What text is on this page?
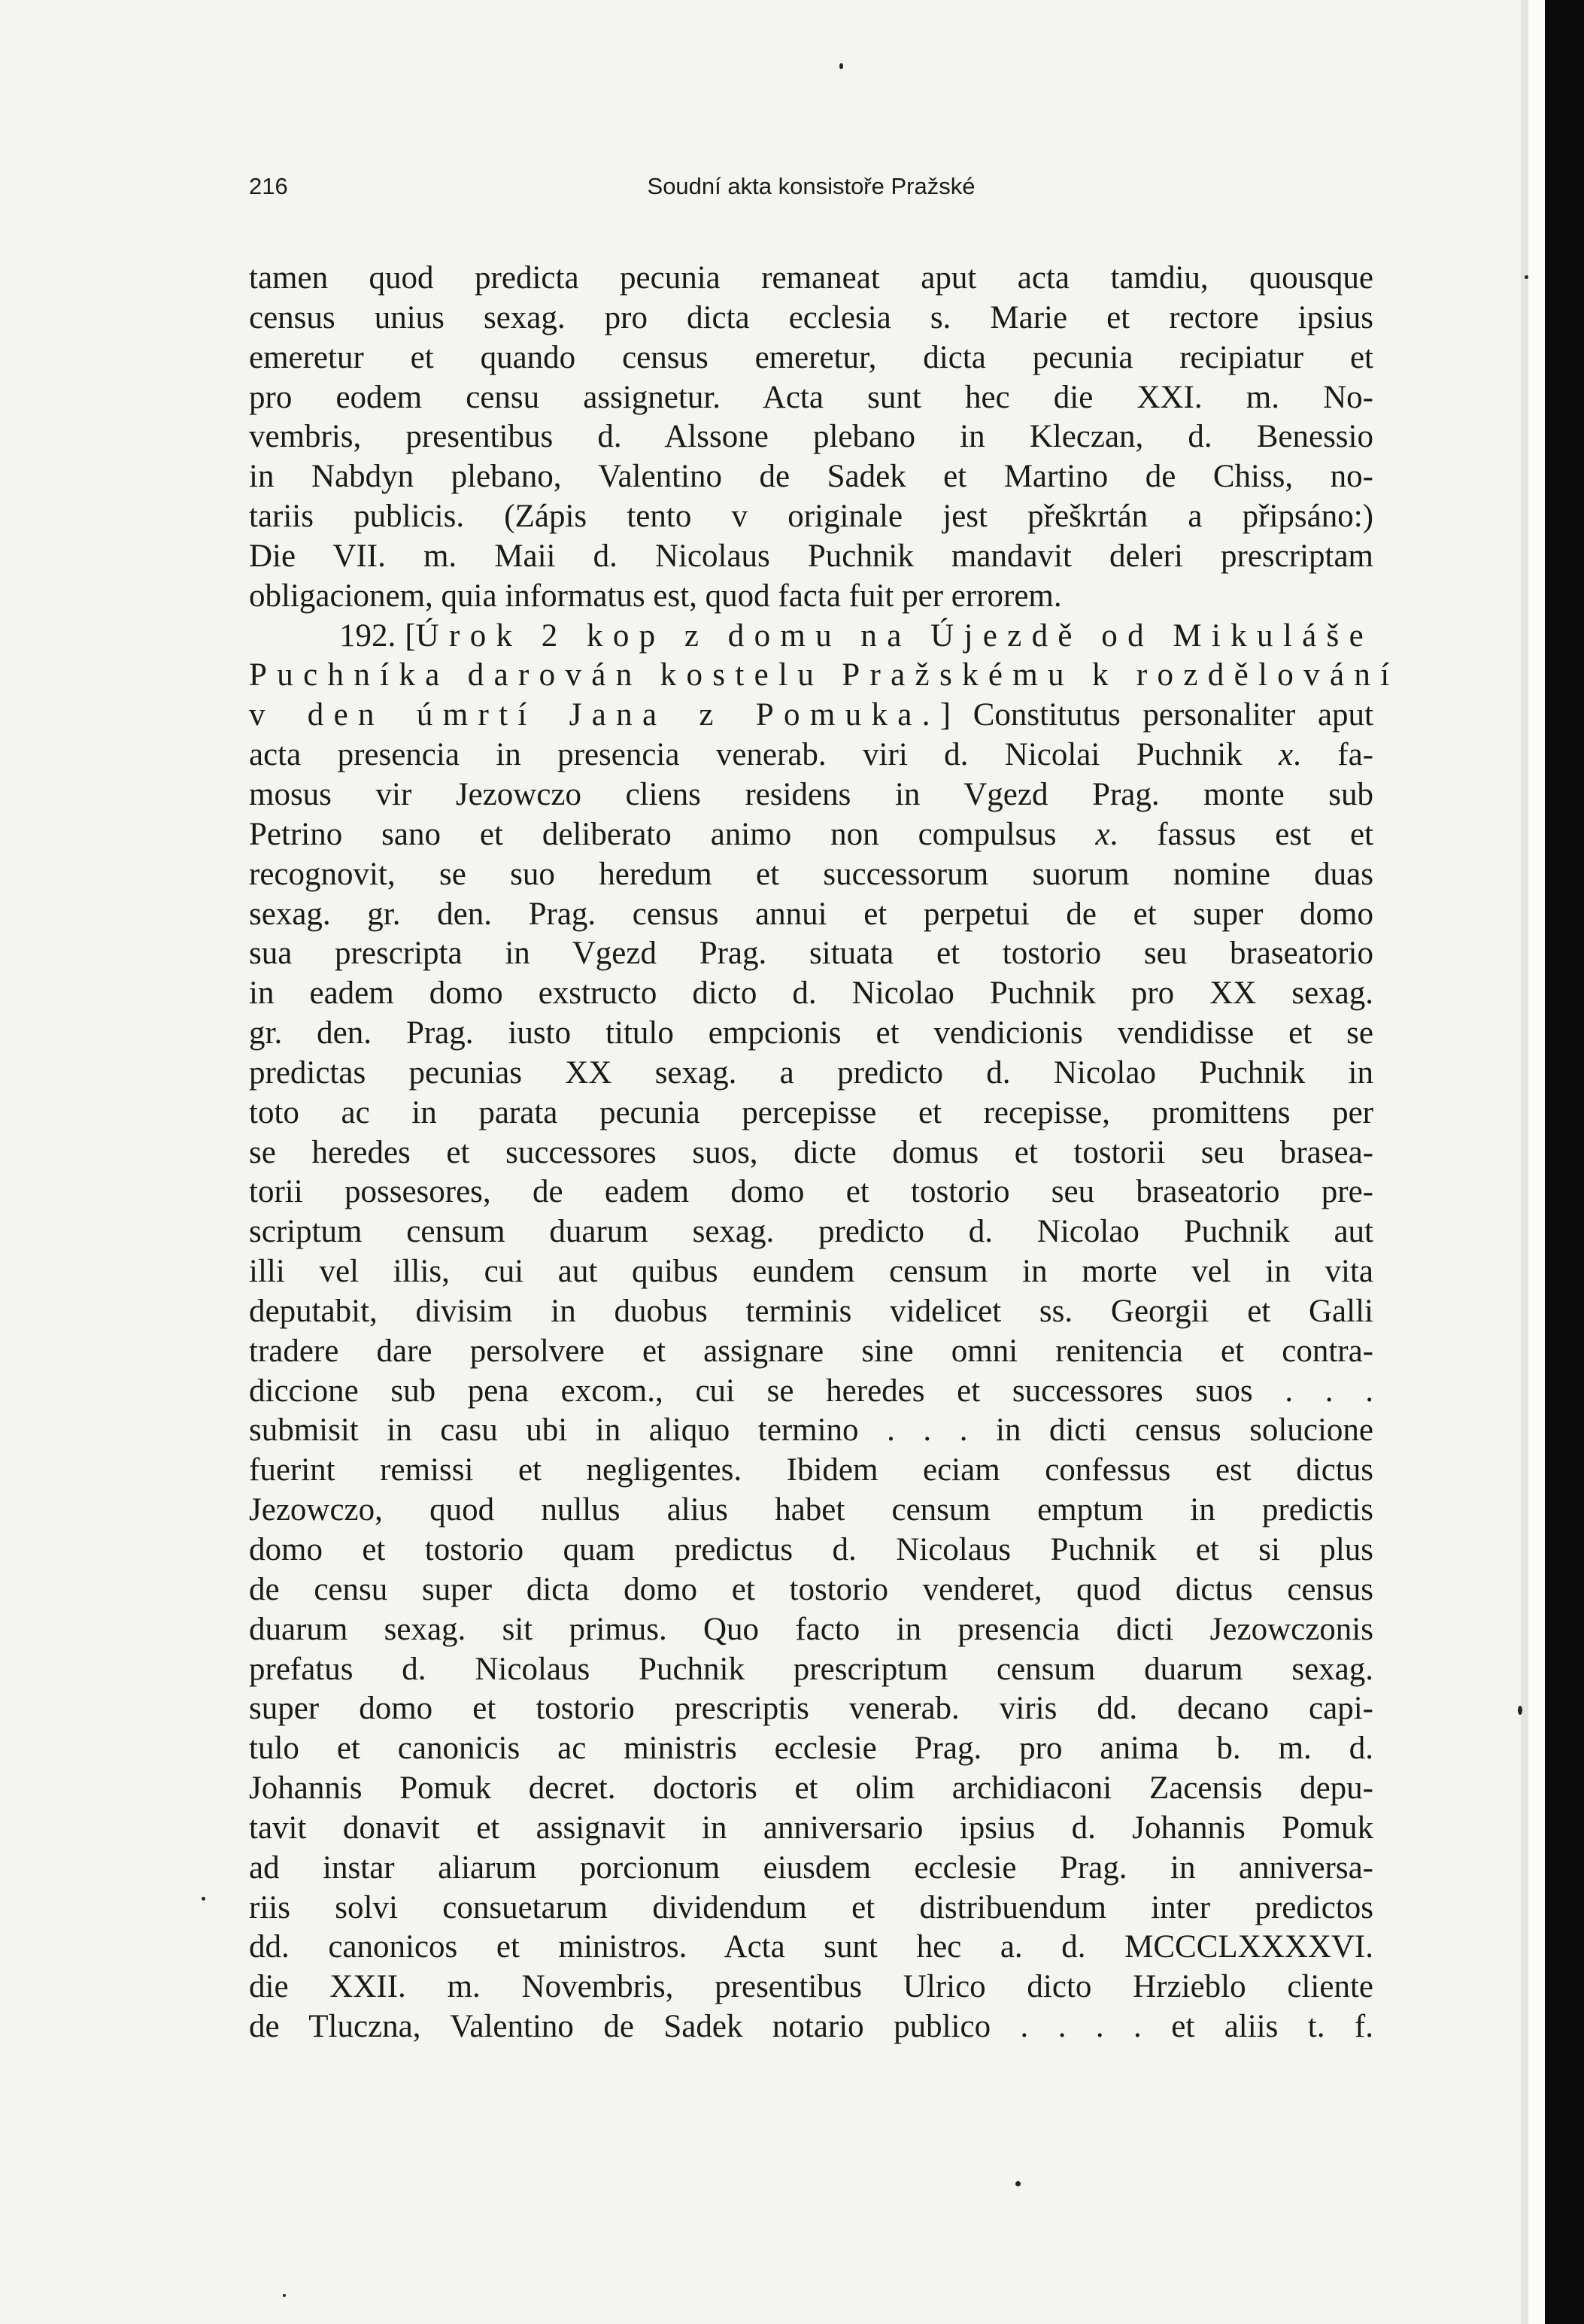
216	Soudní akta konsistoře Pražské
tamen quod predicta pecunia remaneat aput acta tamdiu, quousque
census unius sexag. pro dicta ecclesia s. Marie et rectore ipsius
emeretur et quando census emeretur, dicta pecunia recipiatur et
pro eodem censu assignetur. Acta sunt hec die XXI. m. No-
vembris, presentibus d. Alssone plebano in Kleczan, d. Benessio
in Nabdyn plebano, Valentino de Sadek et Martino de Chiss, no-
tariis publicis. (Zápis tento v originale jest přeškrtán a připsáno:)
Die VII. m. Maii d. Nicolaus Puchnik mandavit deleri prescriptam
obligacionem, quia informatus est, quod facta fuit per errorem.
192. [Úrok 2 kop z domu na Újezdě od Mikuláše
Puchníka darován kostelu Pražskému k rozdělování
v den úmrtí Jana z Pomuka.] Constitutus personaliter aput
acta presencia in presencia venerab. viri d. Nicolai Puchnik x. fa-
mosus vir Jezowczo cliens residens in Vgezd Prag. monte sub
Petrino sano et deliberato animo non compulsus x. fassus est et
recognovit, se suo heredum et successorum suorum nomine duas
sexag. gr. den. Prag. census annui et perpetui de et super domo
sua prescripta in Vgezd Prag. situata et tostorio seu braseatorio
in eadem domo exstructo dicto d. Nicolao Puchnik pro XX sexag.
gr. den. Prag. iusto titulo empcionis et vendicionis vendidisse et se
predictas pecunias XX sexag. a predicto d. Nicolao Puchnik in
toto ac in parata pecunia percepisse et recepisse, promittens per
se heredes et successores suos, dicte domus et tostorii seu brasea-
torii possesores, de eadem domo et tostorio seu braseatorio pre-
scriptum censum duarum sexag. predicto d. Nicolao Puchnik aut
illi vel illis, cui aut quibus eundem censum in morte vel in vita
deputabit, divisim in duobus terminis videlicet ss. Georgii et Galli
tradere dare persolvere et assignare sine omni renitencia et contra-
diccione sub pena excom., cui se heredes et successores suos . . .
submisit in casu ubi in aliquo termino . . . in dicti census solucione
fuerint remissi et negligentes. Ibidem eciam confessus est dictus
Jezowczo, quod nullus alius habet censum emptum in predictis
domo et tostorio quam predictus d. Nicolaus Puchnik et si plus
de censu super dicta domo et tostorio venderet, quod dictus census
duarum sexag. sit primus. Quo facto in presencia dicti Jezowczonis
prefatus d. Nicolaus Puchnik prescriptum censum duarum sexag.
super domo et tostorio prescriptis venerab. viris dd. decano capi-
tulo et canonicis ac ministris ecclesie Prag. pro anima b. m. d.
Johannis Pomuk decret. doctoris et olim archidiaconi Zacensis depu-
tavit donavit et assignavit in anniversario ipsius d. Johannis Pomuk
ad instar aliarum porcionum eiusdem ecclesie Prag. in anniversa-
riis solvi consuetarum dividendum et distribuendum inter predictos
dd. canonicos et ministros. Acta sunt hec a. d. MCCCLXXXXVI.
die XXII. m. Novembris, presentibus Ulrico dicto Hrzieblo cliente
de Tluczna, Valentino de Sadek notario publico . . . . et aliis t. f.
